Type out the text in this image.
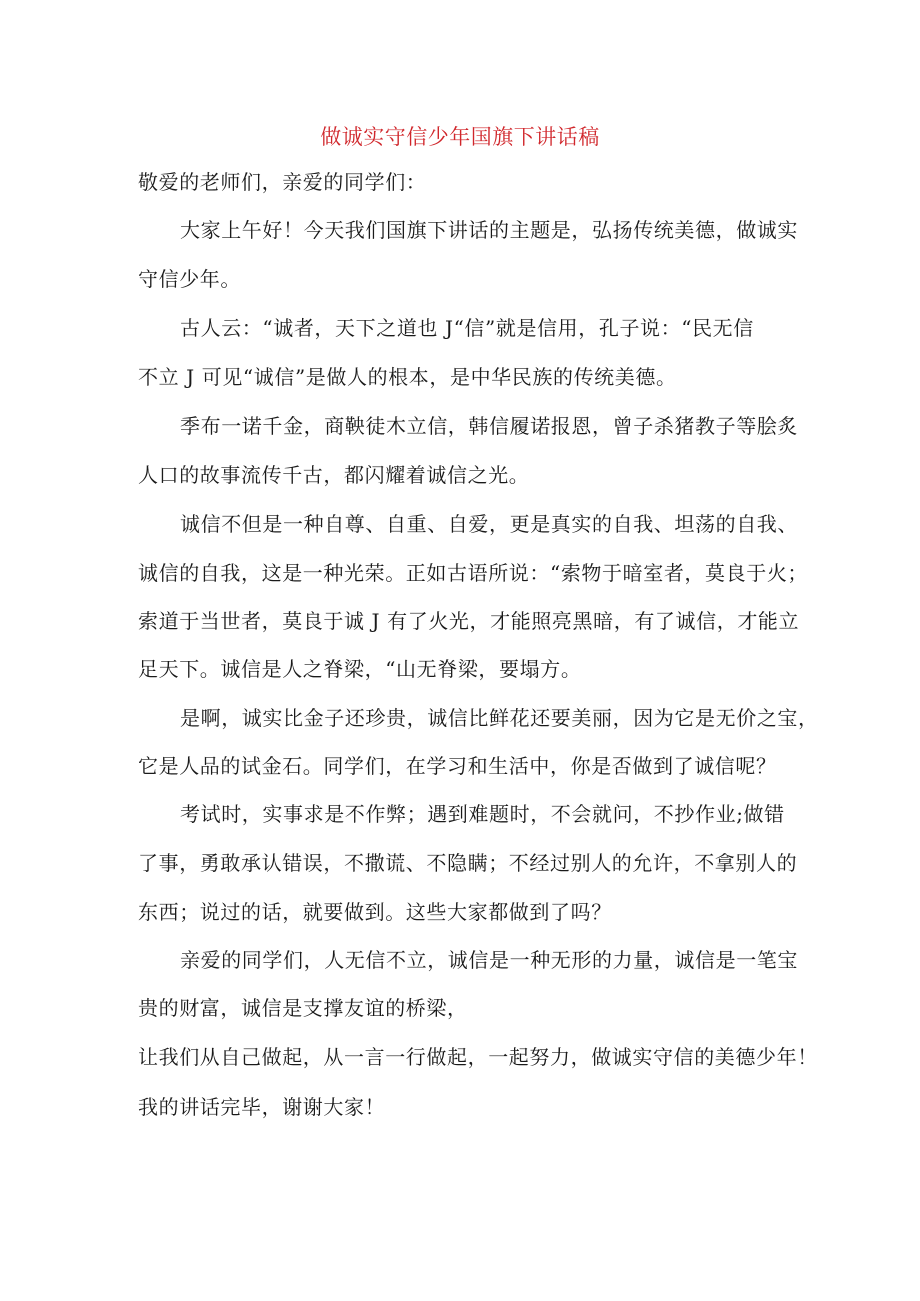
做诚实守信少年国旗下讲话稿
敬爱的老师们，亲爱的同学们：
大家上午好！今天我们国旗下讲话的主题是，弘扬传统美德，做诚实
守信少年。
古人云：“诚者，天下之道也 J“信”就是信用，孔子说：“民无信
不立 J 可见“诚信”是做人的根本，是中华民族的传统美德。
季布一诺千金，商鞅徒木立信，韩信履诺报恩，曾子杀猪教子等脍炙
人口的故事流传千古，都闪耀着诚信之光。
诚信不但是一种自尊、自重、自爱，更是真实的自我、坦荡的自我、
诚信的自我，这是一种光荣。正如古语所说：“索物于暗室者，莫良于火；
索道于当世者，莫良于诚 J 有了火光，才能照亮黑暗，有了诚信，才能立
足天下。诚信是人之脊梁，“山无脊梁，要塌方。
是啊，诚实比金子还珍贵，诚信比鲜花还要美丽，因为它是无价之宝，
它是人品的试金石。同学们，在学习和生活中，你是否做到了诚信呢？
考试时，实事求是不作弊；遇到难题时，不会就问，不抄作业;做错
了事，勇敢承认错误，不撒谎、不隐瞒；不经过别人的允许，不拿别人的
东西；说过的话，就要做到。这些大家都做到了吗？
亲爱的同学们，人无信不立，诚信是一种无形的力量，诚信是一笔宝
贵的财富，诚信是支撑友谊的桥梁，
让我们从自己做起，从一言一行做起，一起努力，做诚实守信的美德少年！
我的讲话完毕，谢谢大家！
